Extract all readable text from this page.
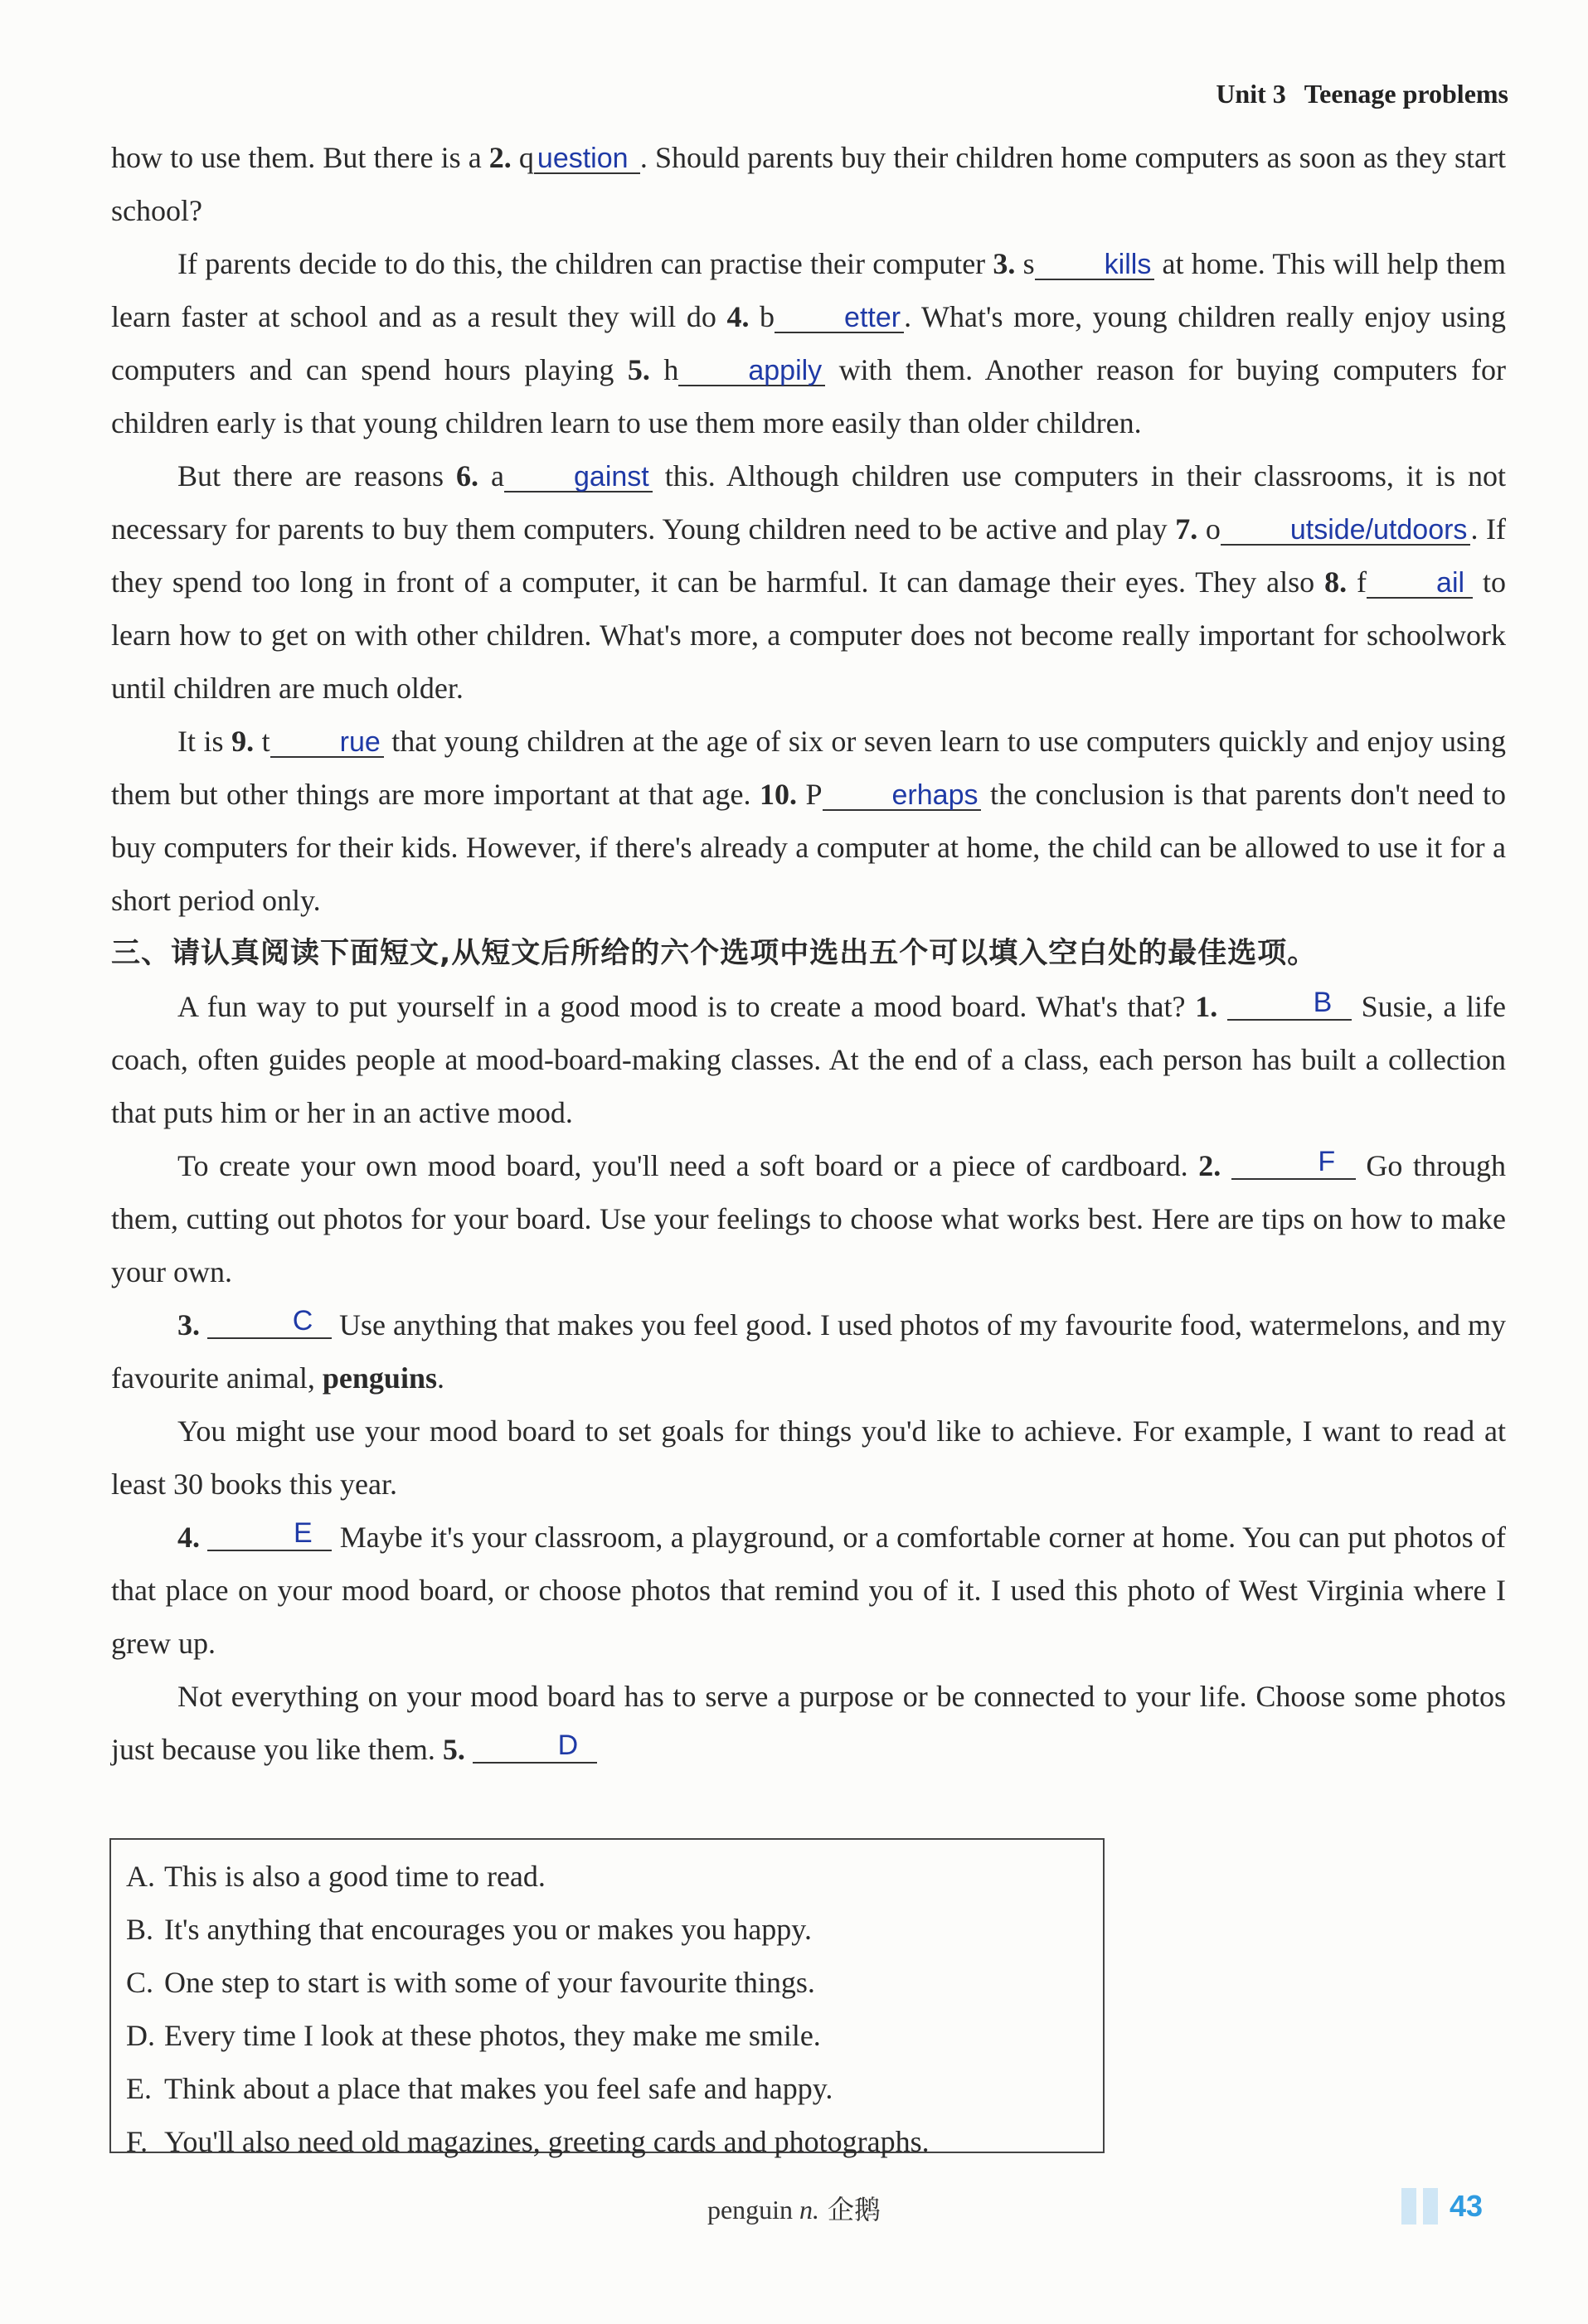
Unit 3 Teenage problems

how to use them. But there is a 2. q uestion . Should parents buy their children home computers as soon as they start school?

If parents decide to do this, the children can practise their computer 3. s kills at home. This will help them learn faster at school and as a result they will do 4. b etter . What's more, young children really enjoy using computers and can spend hours playing 5. h appily with them. Another reason for buying computers for children early is that young children learn to use them more easily than older children.

But there are reasons 6. a gainst this. Although children use computers in their classrooms, it is not necessary for parents to buy them computers. Young children need to be active and play 7. o utside/utdoors . If they spend too long in front of a computer, it can be harmful. It can damage their eyes. They also 8. f ail to learn how to get on with other children. What's more, a computer does not become really important for schoolwork until children are much older.

It is 9. t rue that young children at the age of six or seven learn to use computers quickly and enjoy using them but other things are more important at that age. 10. P erhaps the conclusion is that parents don't need to buy computers for their kids. However, if there's already a computer at home, the child can be allowed to use it for a short period only.

三、请认真阅读下面短文,从短文后所给的六个选项中选出五个可以填入空白处的最佳选项。

A fun way to put yourself in a good mood is to create a mood board. What's that? 1.	B Susie, a life coach, often guides people at mood-board-making classes. At the end of a class, each person has built a collection that puts him or her in an active mood.

To create your own mood board, you'll need a soft board or a piece of cardboard. 2.	F Go through them, cutting out photos for your board. Use your feelings to choose what works best. Here are tips on how to make your own.

3.	C Use anything that makes you feel good. I used photos of my favourite food, watermelons, and my favourite animal, penguins.

You might use your mood board to set goals for things you'd like to achieve. For example, I want to read at least 30 books this year.

4.	E Maybe it's your classroom, a playground, or a comfortable corner at home. You can put photos of that place on your mood board, or choose photos that remind you of it. I used this photo of West Virginia where I grew up.

Not everything on your mood board has to serve a purpose or be connected to your life. Choose some photos just because you like them. 5.	D

A. This is also a good time to read.
B. It's anything that encourages you or makes you happy.
C. One step to start is with some of your favourite things.
D. Every time I look at these photos, they make me smile.
E. Think about a place that makes you feel safe and happy.
F. You'll also need old magazines, greeting cards and photographs.
penguin n. 企鹅	43
